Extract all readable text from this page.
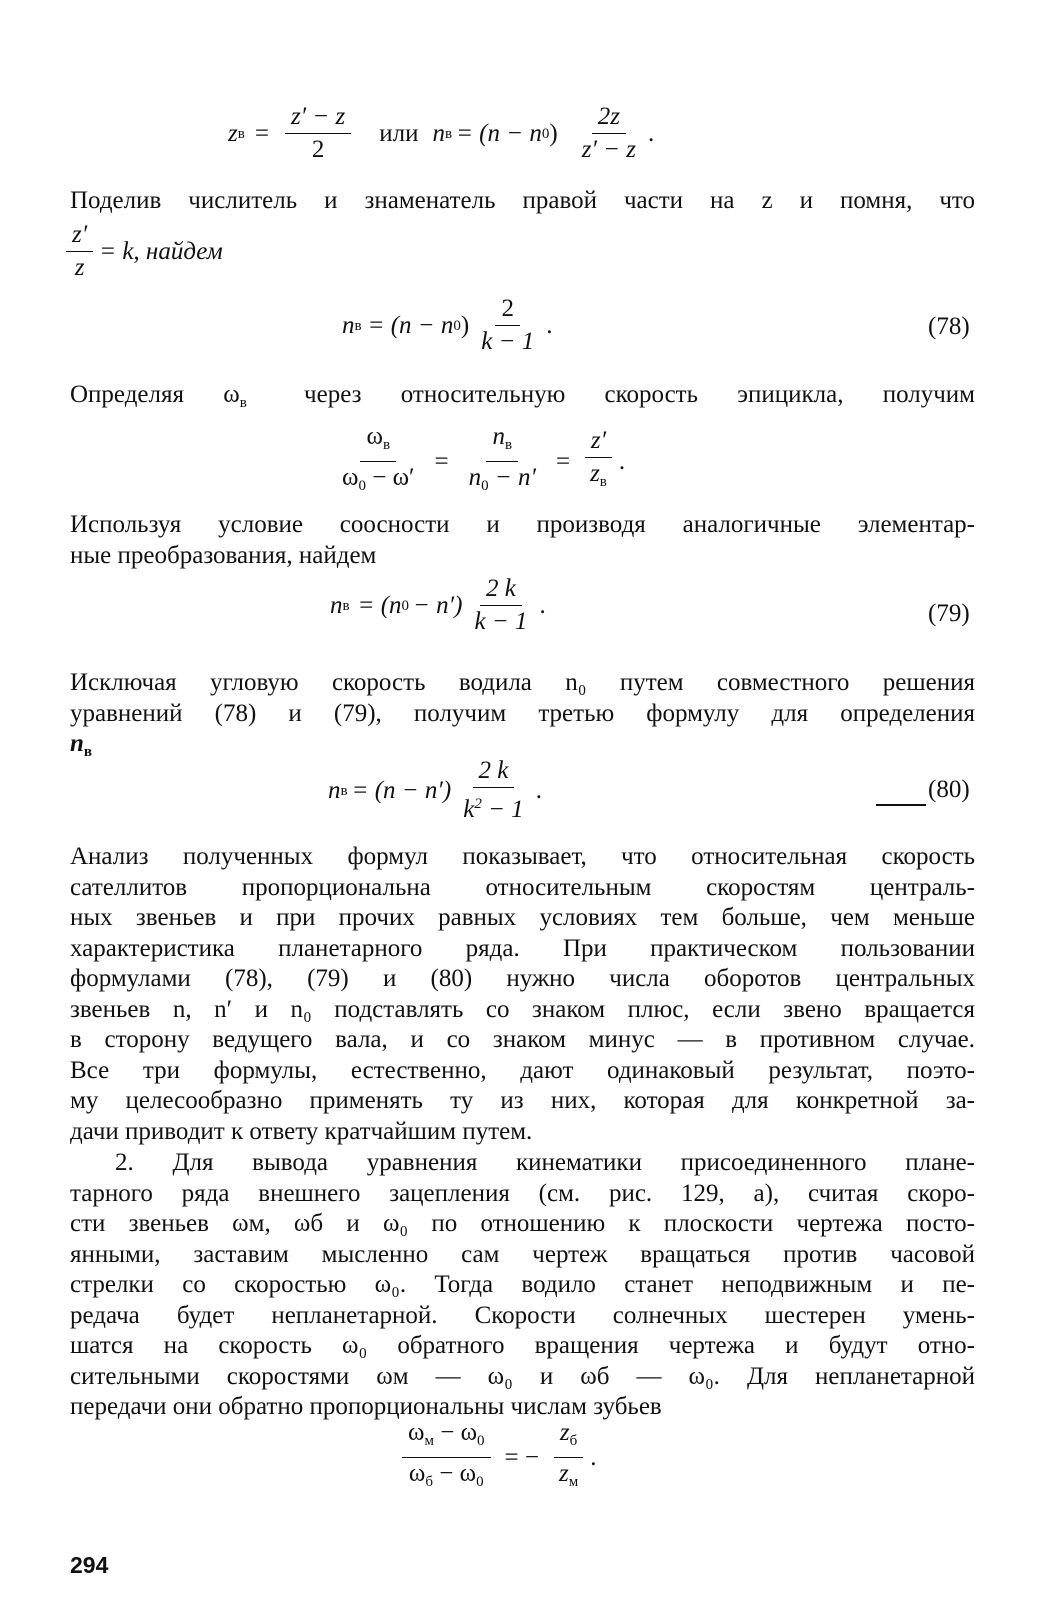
z $в = \frac{z' - z}{2}$ или n в = (n − n 0 ) $\frac{2z}{z' - z}$ .
Поделив числитель и знаменатель правой части на z и помня, что
$\frac{z'}{z} = k$, найдем
n в = (n − n 0 ) $\frac{2}{k - 1}$ .	(78)
Определяя $\omega_в$ через относительную скорость эпицикла, получим
$\frac{\omega_в}{\omega_0 - \omega'} = \frac{n_в}{n_0 - n'} = \frac{z'}{z_в}$ .
Используя условие соосности и производя аналогичные элементар-
ные преобразования, найдем
n в = (n $0 - n') \frac{2 k}{k - 1}$ .	(79)
Исключая угловую скорость водила n₀ путем совместного решения
уравнений (78) и (79), получим третью формулу для определения
$n_в$
n $в = (n - n') \frac{2 k}{k^2 - 1}$ .	(80)
Анализ полученных формул показывает, что относительная скорость
сателлитов пропорциональна относительным скоростям централь-
ных звеньев и при прочих равных условиях тем больше, чем меньше
характеристика планетарного ряда. При практическом пользовании
формулами (78), (79) и (80) нужно числа оборотов центральных
звеньев n, n′ и n₀ подставлять со знаком плюс, если звено вращается
в сторону ведущего вала, и со знаком минус — в противном случае.
Все три формулы, естественно, дают одинаковый результат, поэто-
му целесообразно применять ту из них, которая для конкретной за-
дачи приводит к ответу кратчайшим путем.
2. Для вывода уравнения кинематики присоединенного плане-
тарного ряда внешнего зацепления (см. рис. 129, а), считая скоро-
сти звеньев ωм, ωб и ω₀ по отношению к плоскости чертежа посто-
янными, заставим мысленно сам чертеж вращаться против часовой
стрелки со скоростью ω₀. Тогда водило станет неподвижным и пе-
редача будет непланетарной. Скорости солнечных шестерен умень-
шатся на скорость ω₀ обратного вращения чертежа и будут отно-
сительными скоростями ωм — ω₀ и ωб — ω₀. Для непланетарной
передачи они обратно пропорциональны числам зубьев
$\frac{\omega_м - \omega_0}{\omega_б - \omega_0}$ = − $\frac{z_б}{z_м}$ .
294
